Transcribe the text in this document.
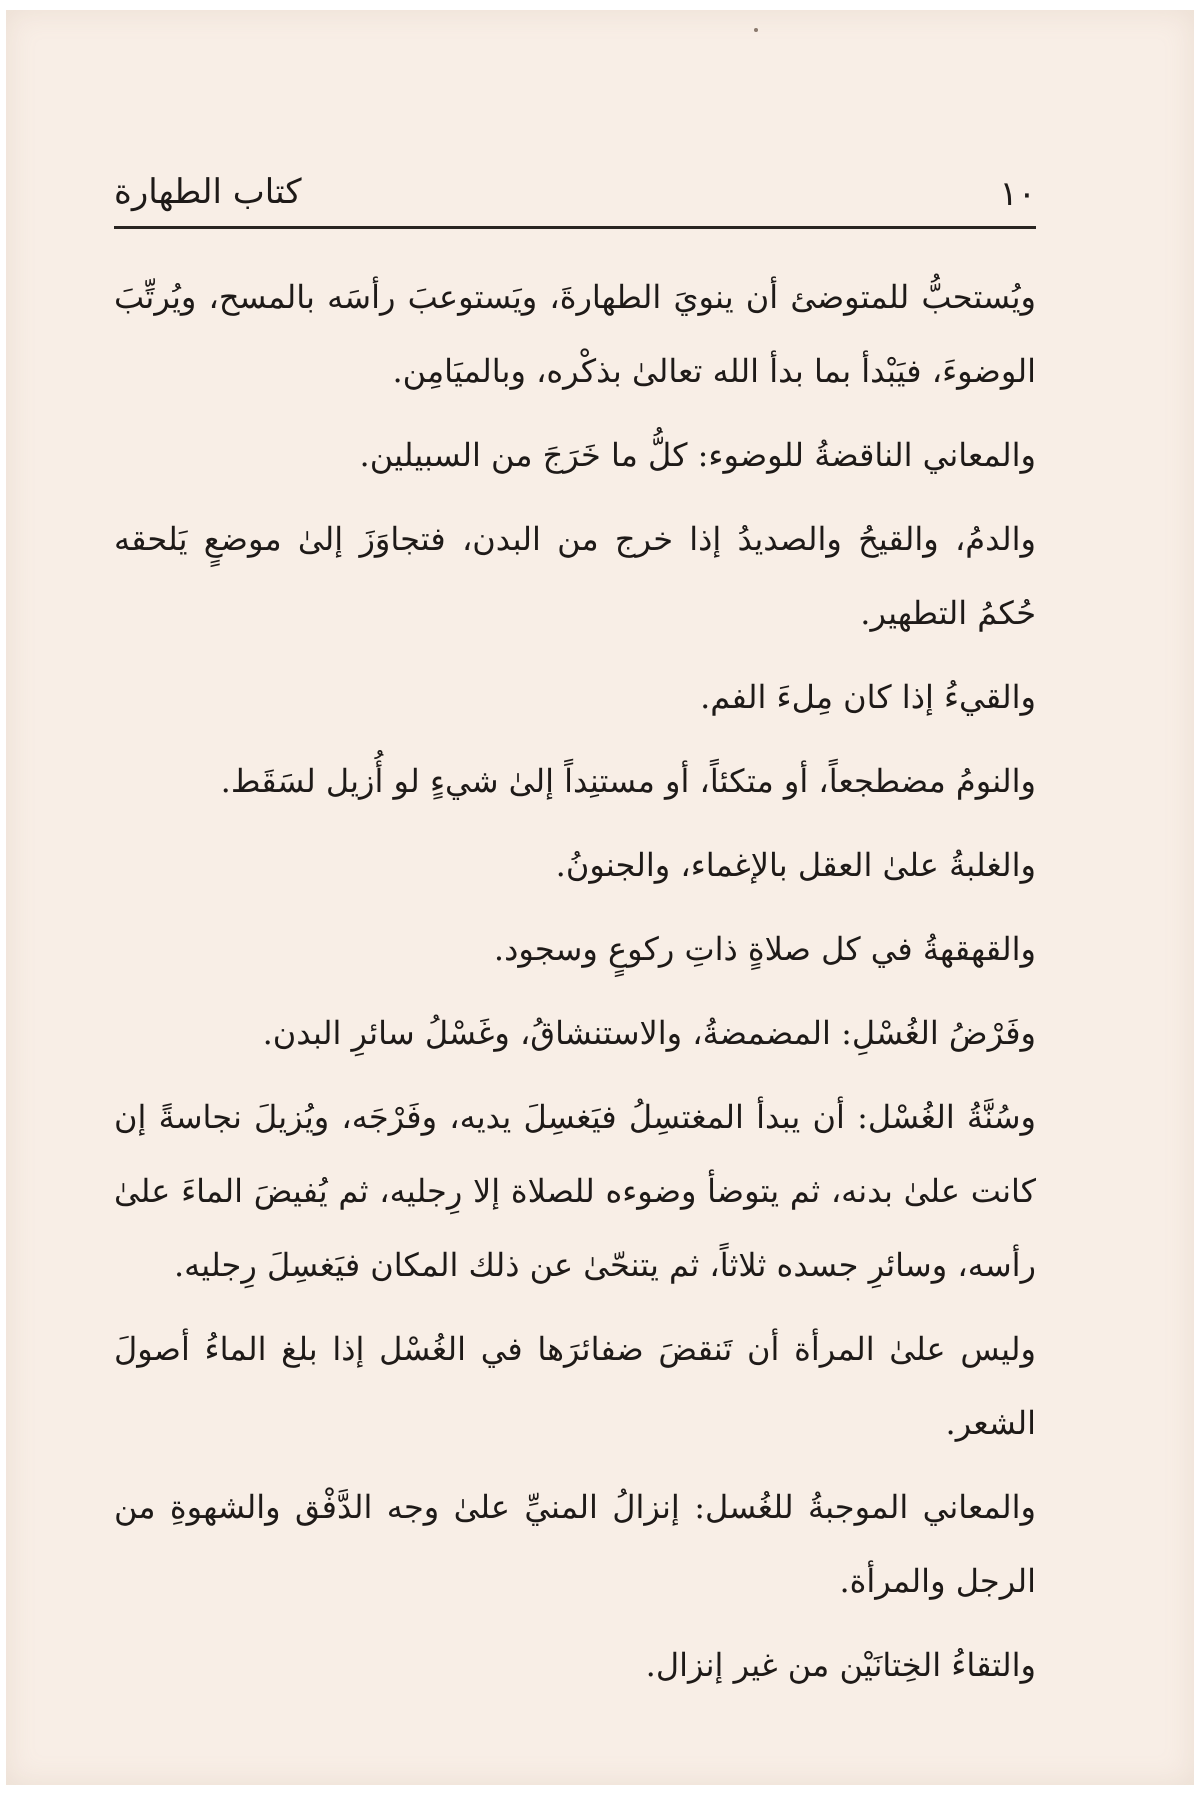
١٠
كتاب الطهارة

ويُستحبُّ للمتوضئ أن ينويَ الطهارةَ، ويَستوعبَ رأسَه بالمسح، ويُرتِّبَ الوضوءَ، فيَبْدأ بما بدأ الله تعالىٰ بذكْره، وبالميَامِن.

والمعاني الناقضةُ للوضوء: كلُّ ما خَرَجَ من السبيلين.

والدمُ، والقيحُ والصديدُ إذا خرج من البدن، فتجاوَزَ إلىٰ موضعٍ يَلحقه حُكمُ التطهير.

والقيءُ إذا كان مِلءَ الفم.

والنومُ مضطجعاً، أو متكئاً، أو مستنِداً إلىٰ شيءٍ لو أُزيل لسَقَط.

والغلبةُ علىٰ العقل بالإغماء، والجنونُ.

والقهقهةُ في كل صلاةٍ ذاتِ ركوعٍ وسجود.

وفَرْضُ الغُسْلِ: المضمضةُ، والاستنشاقُ، وغَسْلُ سائرِ البدن.

وسُنَّةُ الغُسْل: أن يبدأ المغتسِلُ فيَغسِلَ يديه، وفَرْجَه، ويُزيلَ نجاسةً إن كانت علىٰ بدنه، ثم يتوضأ وضوءه للصلاة إلا رِجليه، ثم يُفيضَ الماءَ علىٰ رأسه، وسائرِ جسده ثلاثاً، ثم يتنحّىٰ عن ذلك المكان فيَغسِلَ رِجليه.

وليس علىٰ المرأة أن تَنقضَ ضفائرَها في الغُسْل إذا بلغ الماءُ أصولَ الشعر.

والمعاني الموجبةُ للغُسل: إنزالُ المنيِّ علىٰ وجه الدَّفْق والشهوةِ من الرجل والمرأة.

والتقاءُ الخِتانَيْن من غير إنزال.
